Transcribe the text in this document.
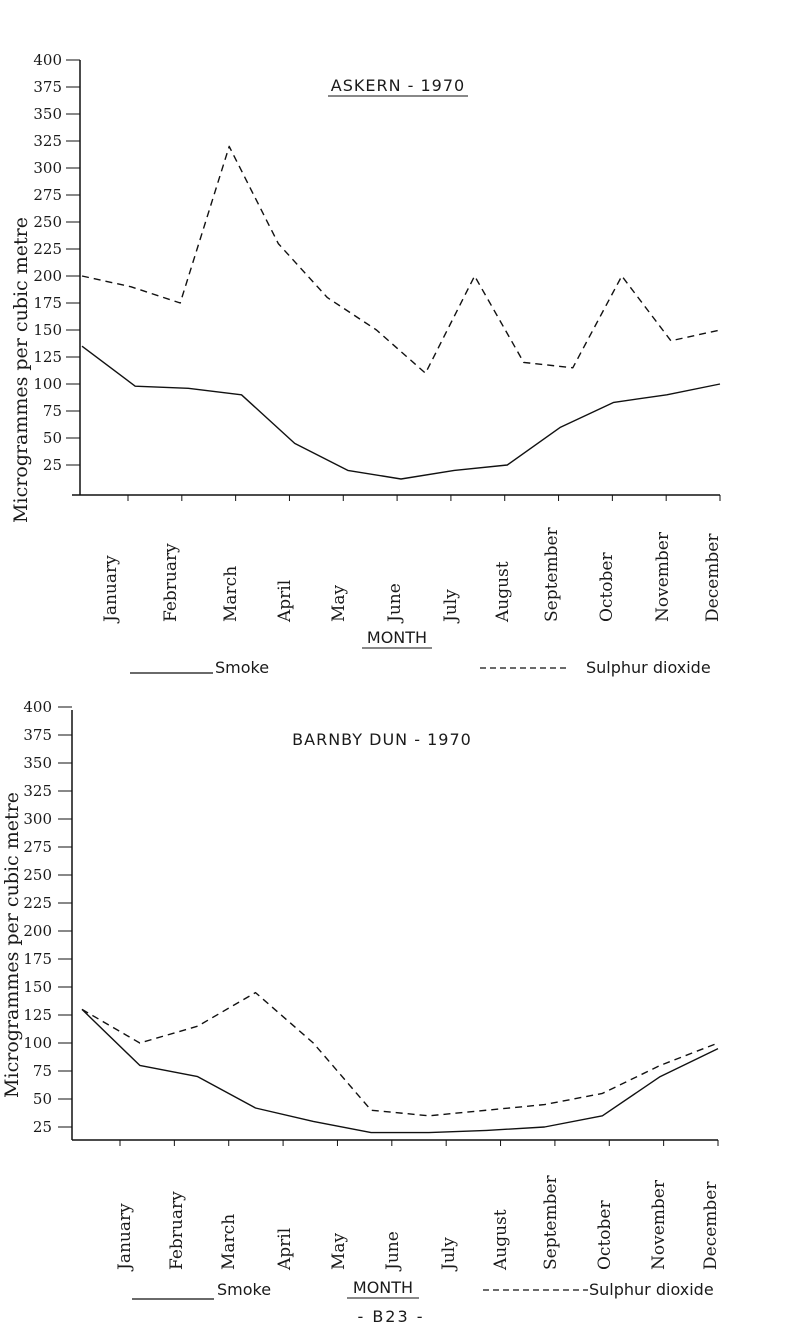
400
375
350
325
300
275
250
225
200
175
150
125
100
75
50
25
Microgrammes per cubic metre
ASKERN - 1970
January February March April May June July August September October November December
MONTH
Smoke	Sulphur dioxide
400
375
350
325
300
275
250
225
200
175
150
125
100
75
50
25
Microgrammes per cubic metre
BARNBY DUN - 1970
January February March April May June July August September October November December
MONTH
Smoke	Sulphur dioxide
- B23 -
